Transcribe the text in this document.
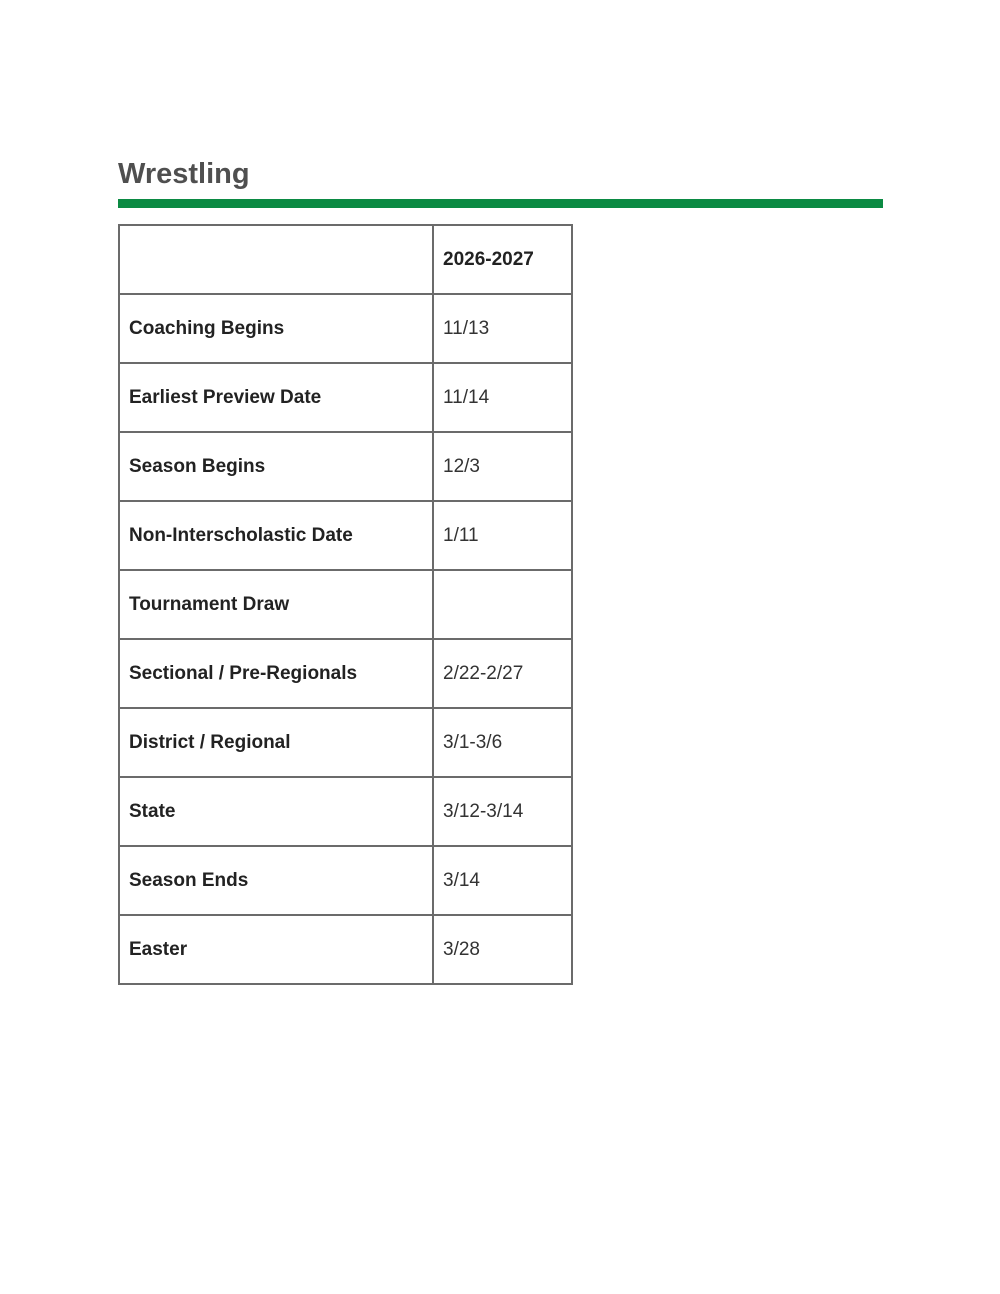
Wrestling
	2026-2027
Coaching Begins	11/13
Earliest Preview Date	11/14
Season Begins	12/3
Non-Interscholastic Date	1/11
Tournament Draw	
Sectional / Pre-Regionals	2/22-2/27
District / Regional	3/1-3/6
State	3/12-3/14
Season Ends	3/14
Easter	3/28
